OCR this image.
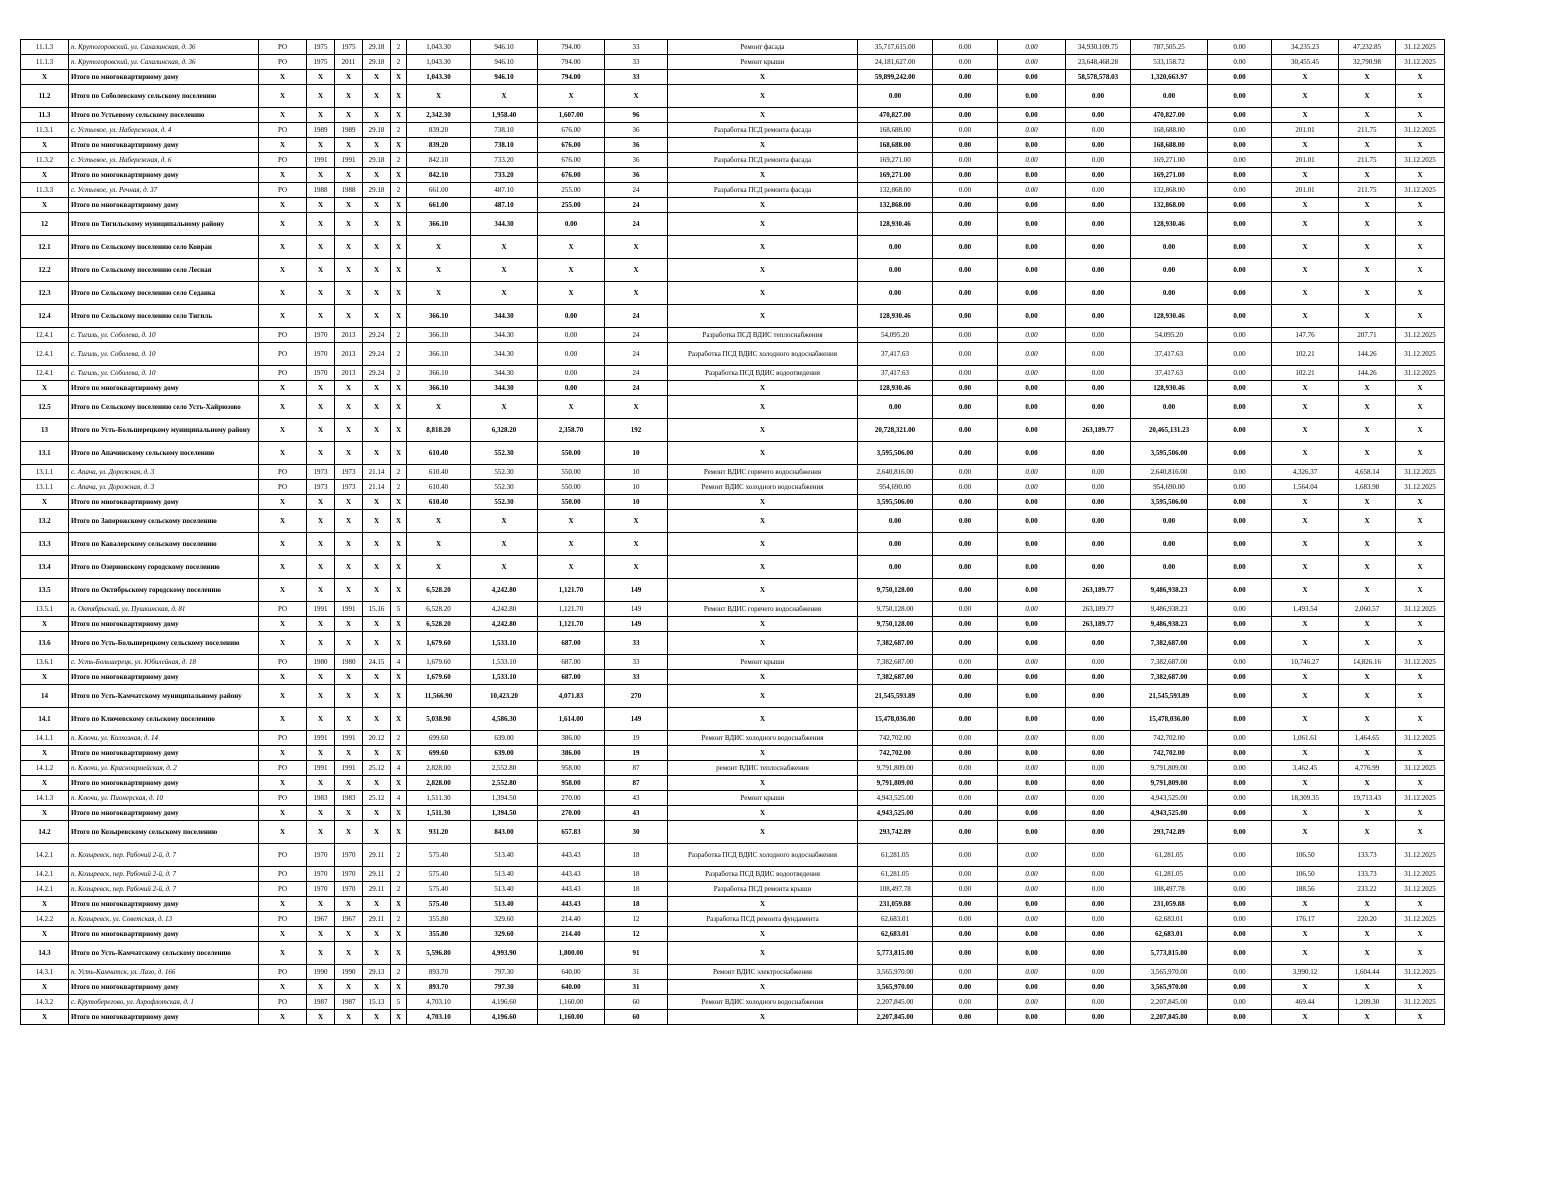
11.1.3	п. Крутогоровский, ул. Сахалинская, д. 36	РО	1975	1975	29.18	2	1,043.30	946.10	794.00	33	Ремонт фасада	35,717,615.00	0.00	0.00	34,930,109.75	787,505.25	0.00	34,235.23	47,232.85	31.12.2025
11.1.3	п. Крутогоровский, ул. Сахалинская, д. 36	РО	1975	2011	29.18	2	1,043.30	946.10	794.00	33	Ремонт крыши	24,181,627.00	0.00	0.00	23,648,468.28	533,158.72	0.00	30,455.45	32,790.98	31.12.2025
Х	Итого по многоквартирному дому	Х	Х	Х	Х	Х	1,043.30	946.10	794.00	33	Х	59,899,242.00	0.00	0.00	58,578,578.03	1,320,663.97	0.00	Х	Х	Х
11.2	Итого по Соболевскому сельскому поселению	Х	Х	Х	Х	Х	Х	Х	Х	Х	Х	0.00	0.00	0.00	0.00	0.00	0.00	Х	Х	Х
11.3	Итого по Устьевому сельскому поселению	Х	Х	Х	Х	Х	2,342.30	1,958.40	1,607.00	96	Х	470,827.00	0.00	0.00	0.00	470,827.00	0.00	Х	Х	Х
11.3.1	с. Устьевое, ул. Набережная, д. 4	РО	1989	1989	29.18	2	839.20	738.10	676.00	36	Разработка ПСД ремонта фасада	168,688.00	0.00	0.00	0.00	168,688.00	0.00	201.01	211.75	31.12.2025
Х	Итого по многоквартирному дому	Х	Х	Х	Х	Х	839.20	738.10	676.00	36	Х	168,688.00	0.00	0.00	0.00	168,688.00	0.00	Х	Х	Х
11.3.2	с. Устьевое, ул. Набережная, д. 6	РО	1991	1991	29.18	2	842.10	733.20	676.00	36	Разработка ПСД ремонта фасада	169,271.00	0.00	0.00	0.00	169,271.00	0.00	201.01	211.75	31.12.2025
Х	Итого по многоквартирному дому	Х	Х	Х	Х	Х	842.10	733.20	676.00	36	Х	169,271.00	0.00	0.00	0.00	169,271.00	0.00	Х	Х	Х
11.3.3	с. Устьевое, ул. Речная, д. 37	РО	1988	1988	29.18	2	661.00	487.10	255.00	24	Разработка ПСД ремонта фасада	132,868.00	0.00	0.00	0.00	132,868.00	0.00	201.01	211.75	31.12.2025
Х	Итого по многоквартирному дому	Х	Х	Х	Х	Х	661.00	487.10	255.00	24	Х	132,868.00	0.00	0.00	0.00	132,868.00	0.00	Х	Х	Х
12	Итого по Тигильскому муниципальному району	Х	Х	Х	Х	Х	366.10	344.30	0.00	24	Х	128,930.46	0.00	0.00	0.00	128,930.46	0.00	Х	Х	Х
12.1	Итого по Сельскому поселению село Ковран	Х	Х	Х	Х	Х	Х	Х	Х	Х	Х	0.00	0.00	0.00	0.00	0.00	0.00	Х	Х	Х
12.2	Итого по Сельскому поселению село Лесная	Х	Х	Х	Х	Х	Х	Х	Х	Х	Х	0.00	0.00	0.00	0.00	0.00	0.00	Х	Х	Х
12.3	Итого по Сельскому поселению село Седанка	Х	Х	Х	Х	Х	Х	Х	Х	Х	Х	0.00	0.00	0.00	0.00	0.00	0.00	Х	Х	Х
12.4	Итого по Сельскому поселению село Тигиль	Х	Х	Х	Х	Х	366.10	344.30	0.00	24	Х	128,930.46	0.00	0.00	0.00	128,930.46	0.00	Х	Х	Х
12.4.1	с. Тигиль, ул. Соболева, д. 10	РО	1970	2013	29.24	2	366.10	344.30	0.00	24	Разработка ПСД ВДИС теплоснабжения	54,095.20	0.00	0.00	0.00	54,095.20	0.00	147.76	207.71	31.12.2025
12.4.1	с. Тигиль, ул. Соболева, д. 10	РО	1970	2013	29.24	2	366.10	344.30	0.00	24	Разработка ПСД ВДИС холодного водоснабжения	37,417.63	0.00	0.00	0.00	37,417.63	0.00	102.21	144.26	31.12.2025
12.4.1	с. Тигиль, ул. Соболева, д. 10	РО	1970	2013	29.24	2	366.10	344.30	0.00	24	Разработка ПСД ВДИС водоотведения	37,417.63	0.00	0.00	0.00	37,417.63	0.00	102.21	144.26	31.12.2025
Х	Итого по многоквартирному дому	Х	Х	Х	Х	Х	366.10	344.30	0.00	24	Х	128,930.46	0.00	0.00	0.00	128,930.46	0.00	Х	Х	Х
12.5	Итого по Сельскому поселению село Усть-Хайрюзово	Х	Х	Х	Х	Х	Х	Х	Х	Х	Х	0.00	0.00	0.00	0.00	0.00	0.00	Х	Х	Х
13	Итого по Усть-Большерецкому муниципальному району	Х	Х	Х	Х	Х	8,818.20	6,328.20	2,358.70	192	Х	20,728,321.00	0.00	0.00	263,189.77	20,465,131.23	0.00	Х	Х	Х
13.1	Итого по Апачинскому сельскому поселению	Х	Х	Х	Х	Х	610.40	552.30	550.00	10	Х	3,595,506.00	0.00	0.00	0.00	3,595,506.00	0.00	Х	Х	Х
13.1.1	с. Апача, ул. Дорожная, д. 3	РО	1973	1973	21.14	2	610.40	552.30	550.00	10	Ремонт ВДИС горячего водоснабжения	2,640,816.00	0.00	0.00	0.00	2,640,816.00	0.00	4,326.37	4,658.14	31.12.2025
13.1.1	с. Апача, ул. Дорожная, д. 3	РО	1973	1973	21.14	2	610.40	552.30	550.00	10	Ремонт ВДИС холодного водоснабжения	954,690.00	0.00	0.00	0.00	954,690.00	0.00	1,564.04	1,683.98	31.12.2025
Х	Итого по многоквартирному дому	Х	Х	Х	Х	Х	610.40	552.30	550.00	10	Х	3,595,506.00	0.00	0.00	0.00	3,595,506.00	0.00	Х	Х	Х
13.2	Итого по Запорожскому сельскому поселению	Х	Х	Х	Х	Х	Х	Х	Х	Х	Х	0.00	0.00	0.00	0.00	0.00	0.00	Х	Х	Х
13.3	Итого по Кавалерскому сельскому поселению	Х	Х	Х	Х	Х	Х	Х	Х	Х	Х	0.00	0.00	0.00	0.00	0.00	0.00	Х	Х	Х
13.4	Итого по Озерновскому городскому поселению	Х	Х	Х	Х	Х	Х	Х	Х	Х	Х	0.00	0.00	0.00	0.00	0.00	0.00	Х	Х	Х
13.5	Итого по Октябрьскому городскому поселению	Х	Х	Х	Х	Х	6,528.20	4,242.80	1,121.70	149	Х	9,750,128.00	0.00	0.00	263,189.77	9,486,938.23	0.00	Х	Х	Х
13.5.1	п. Октябрьский, ул. Пушкинская, д. 81	РО	1991	1991	15.16	5	6,528.20	4,242.80	1,121.70	149	Ремонт ВДИС горячего водоснабжения	9,750,128.00	0.00	0.00	263,189.77	9,486,938.23	0.00	1,493.54	2,060.57	31.12.2025
Х	Итого по многоквартирному дому	Х	Х	Х	Х	Х	6,528.20	4,242.80	1,121.70	149	Х	9,750,128.00	0.00	0.00	263,189.77	9,486,938.23	0.00	Х	Х	Х
13.6	Итого по Усть-Большерецкому сельскому поселению	Х	Х	Х	Х	Х	1,679.60	1,533.10	687.00	33	Х	7,382,687.00	0.00	0.00	0.00	7,382,687.00	0.00	Х	Х	Х
13.6.1	с. Усть-Большерецк, ул. Юбилейная, д. 18	РО	1980	1980	24.15	4	1,679.60	1,533.10	687.00	33	Ремонт крыши	7,382,687.00	0.00	0.00	0.00	7,382,687.00	0.00	10,746.27	14,826.16	31.12.2025
Х	Итого по многоквартирному дому	Х	Х	Х	Х	Х	1,679.60	1,533.10	687.00	33	Х	7,382,687.00	0.00	0.00	0.00	7,382,687.00	0.00	Х	Х	Х
14	Итого по Усть-Камчатскому муниципальному району	Х	Х	Х	Х	Х	11,566.90	10,423.20	4,071.83	270	Х	21,545,593.89	0.00	0.00	0.00	21,545,593.89	0.00	Х	Х	Х
14.1	Итого по Ключевскому сельскому поселению	Х	Х	Х	Х	Х	5,038.90	4,586.30	1,614.00	149	Х	15,478,036.00	0.00	0.00	0.00	15,478,036.00	0.00	Х	Х	Х
14.1.1	п. Ключи, ул. Колхозная, д. 14	РО	1991	1991	20.12	2	699.60	639.00	386.00	19	Ремонт ВДИС холодного водоснабжения	742,702.00	0.00	0.00	0.00	742,702.00	0.00	1,061.61	1,464.65	31.12.2025
Х	Итого по многоквартирному дому	Х	Х	Х	Х	Х	699.60	639.00	386.00	19	Х	742,702.00	0.00	0.00	0.00	742,702.00	0.00	Х	Х	Х
14.1.2	п. Ключи, ул. Красноармейская, д. 2	РО	1991	1991	25.12	4	2,828.00	2,552.80	958.00	87	ремонт ВДИС теплоснабжения	9,791,809.00	0.00	0.00	0.00	9,791,809.00	0.00	3,462.45	4,776.99	31.12.2025
Х	Итого по многоквартирному дому	Х	Х	Х	Х	Х	2,828.00	2,552.80	958.00	87	Х	9,791,809.00	0.00	0.00	0.00	9,791,809.00	0.00	Х	Х	Х
14.1.3	п. Ключи, ул. Пионерская, д. 10	РО	1983	1983	25.12	4	1,511.30	1,394.50	270.00	43	Ремонт крыши	4,943,525.00	0.00	0.00	0.00	4,943,525.00	0.00	18,309.35	19,713.43	31.12.2025
Х	Итого по многоквартирному дому	Х	Х	Х	Х	Х	1,511.30	1,394.50	270.00	43	Х	4,943,525.00	0.00	0.00	0.00	4,943,525.00	0.00	Х	Х	Х
14.2	Итого по Козыревскому сельскому поселению	Х	Х	Х	Х	Х	931.20	843.00	657.83	30	Х	293,742.89	0.00	0.00	0.00	293,742.89	0.00	Х	Х	Х
14.2.1	п. Козыревск, пер. Рабочий 2-й, д. 7	РО	1970	1970	29.11	2	575.40	513.40	443.43	18	Разработка ПСД ВДИС холодного водоснабжения	61,281.05	0.00	0.00	0.00	61,281.05	0.00	106.50	133.73	31.12.2025
14.2.1	п. Козыревск, пер. Рабочий 2-й, д. 7	РО	1970	1970	29.11	2	575.40	513.40	443.43	18	Разработка ПСД ВДИС водоотведения	61,281.05	0.00	0.00	0.00	61,281.05	0.00	106.50	133.73	31.12.2025
14.2.1	п. Козыревск, пер. Рабочий 2-й, д. 7	РО	1970	1970	29.11	2	575.40	513.40	443.43	18	Разработка ПСД ремонта крыши	108,497.78	0.00	0.00	0.00	108,497.78	0.00	188.56	233.22	31.12.2025
Х	Итого по многоквартирному дому	Х	Х	Х	Х	Х	575.40	513.40	443.43	18	Х	231,059.88	0.00	0.00	0.00	231,059.88	0.00	Х	Х	Х
14.2.2	п. Козыревск, ул. Советская, д. 13	РО	1967	1967	29.11	2	355.80	329.60	214.40	12	Разработка ПСД ремонта фундамента	62,683.01	0.00	0.00	0.00	62,683.01	0.00	176.17	220.20	31.12.2025
Х	Итого по многоквартирному дому	Х	Х	Х	Х	Х	355.80	329.60	214.40	12	Х	62,683.01	0.00	0.00	0.00	62,683.01	0.00	Х	Х	Х
14.3	Итого по Усть-Камчатскому сельскому поселению	Х	Х	Х	Х	Х	5,596.80	4,993.90	1,800.00	91	Х	5,773,815.00	0.00	0.00	0.00	5,773,815.00	0.00	Х	Х	Х
14.3.1	п. Усть-Камчатск, ул. Лазо, д. 166	РО	1990	1990	29.13	2	893.70	797.30	640.00	31	Ремонт ВДИС электроснабжения	3,565,970.00	0.00	0.00	0.00	3,565,970.00	0.00	3,990.12	1,604.44	31.12.2025
Х	Итого по многоквартирному дому	Х	Х	Х	Х	Х	893.70	797.30	640.00	31	Х	3,565,970.00	0.00	0.00	0.00	3,565,970.00	0.00	Х	Х	Х
14.3.2	с. Крутоберегово, ул. Аэрофлотская, д. 1	РО	1987	1987	15.13	5	4,703.10	4,196.60	1,160.00	60	Ремонт ВДИС холодного водоснабжения	2,207,845.00	0.00	0.00	0.00	2,207,845.00	0.00	469.44	1,209.30	31.12.2025
Х	Итого по многоквартирному дому	Х	Х	Х	Х	Х	4,703.10	4,196.60	1,160.00	60	Х	2,207,845.00	0.00	0.00	0.00	2,207,845.00	0.00	Х	Х	Х
